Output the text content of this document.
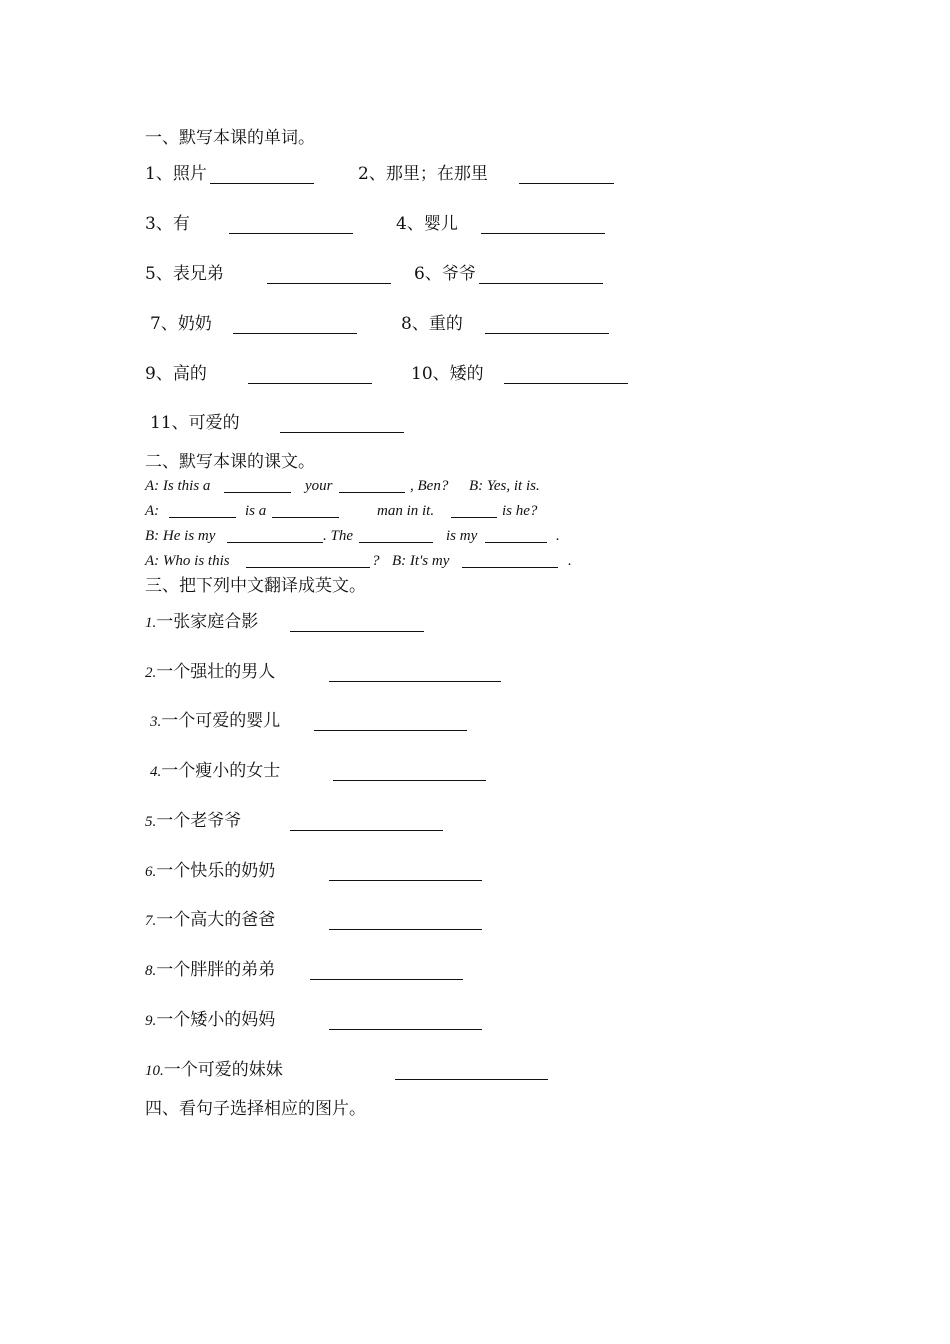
一、默写本课的单词。
1、照片	2、那里；在那里
3、有	4、婴儿
5、表兄弟	6、爷爷
7、奶奶	8、重的
9、高的	10、矮的
11、可爱的
二、默写本课的课文。
A: Is this a	your	, Ben? B: Yes, it is.
A:	is a	man in it.	is he?
B: He is my	. The	is my	.
A: Who is this	? B: It's my	.
三、把下列中文翻译成英文。
1.一张家庭合影
2.一个强壮的男人
3.一个可爱的婴儿
4.一个瘦小的女士
5.一个老爷爷
6.一个快乐的奶奶
7.一个高大的爸爸
8.一个胖胖的弟弟
9.一个矮小的妈妈
10.一个可爱的妹妹
四、看句子选择相应的图片。
